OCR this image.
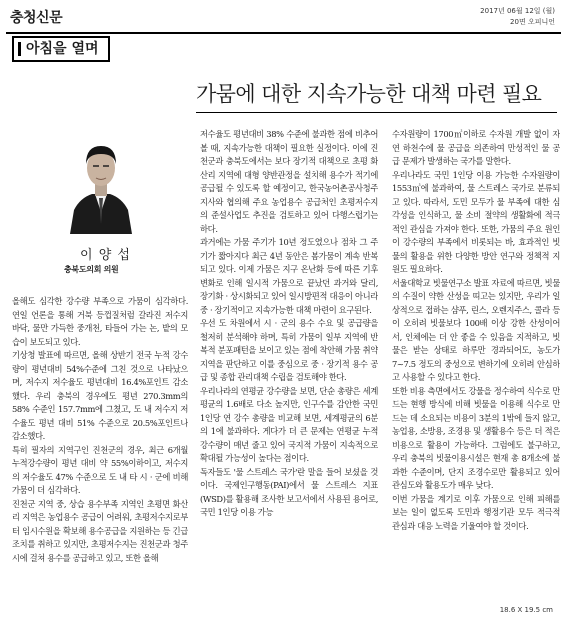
충청신문	2017년 06월 12일 (월)
20면 오피니언
아침을 열며
가뭄에 대한 지속가능한 대책 마련 필요
이 양 섭
충북도의회 의원

올해도 심각한 강수량 부족으로 가뭄이 심각하다. 연일 언론을 통해 거북 등껍질처럼 갈라진 저수지 바닥, 물만 가득한 중개천, 타들어 가는 논, 밭의 모습이 보도되고 있다.
기상청 발표에 따르면, 올해 상반기 전국 누적 강수량이 평년대비 54%수준에 그친 것으로 나타났으며, 저수지 저수율도 평년대비 16.4%포인트 감소했다. 우리 충북의 경우에도 평년 270.3mm의 58% 수준인 157.7mm에 그쳤고, 도 내 저수지 저수율도 평년 대비 51% 수준으로 20.5%포인트나 감소했다.
특히 필자의 지역구인 진천군의 경우, 최근 6개월 누적강수량이 평년 대비 약 55%이하이고, 저수지의 저수율도 47% 수준으로 도 내 타 시 · 군에 비해 가뭄이 더 심각하다.
진천군 지역 중, 상습 용수부족 지역인 초평면 화산리 지역은 농업용수 공급이 어려워, 초평저수지로부터 임시수원을 확보해 용수공급을 지원하는 등 긴급 조치를 취하고 있지만, 초평저수지는 진천군과 청주시에 걸쳐 용수를 공급하고 있고, 또한 올해

저수율도 평년대비 38% 수준에 불과한 점에 비추어 볼 때, 지속가능한 대책이 필요한 실정이다. 이에 진천군과 충북도에서는 보다 장기적 대책으로 초평 화산리 지역에 대형 양반관정을 설치해 용수가 적기에 공급될 수 있도록 할 예정이고, 한국농어촌공사청주지사와 협의해 주요 농업용수 공급처인 초평저수지의 준설사업도 추진을 검토하고 있어 다행스럽기는 하다.
과거에는 가뭄 주기가 10년 정도였으나 점차 그 주기가 짧아지다 최근 4년 동안은 봄가뭄이 계속 반복되고 있다. 이제 가뭄은 지구 온난화 등에 따른 기후 변화로 인해 일시적 가뭄으로 끝났던 과거와 달리, 장기화 · 상시화되고 있어 일시방편적 대응이 아니라 중 · 장기적이고 지속가능한 대책 마련이 요구된다.
우선 도 차원에서 시 · 군의 용수 수요 및 공급량을 철저히 분석해야 하며, 특히 가뭄이 일부 지역에 반복적 분포패턴을 보이고 있는 점에 착안해 가뭄 취약지역을 판단하고 이를 중심으로 중 · 장기적 용수 공급 및 종합 관리대책 수립을 검토해야 한다.
우리나라의 연평균 강수량을 보면, 단순 총량은 세계 평균의 1.6배로 다소 높지만, 인구수를 감안한 국민 1인당 연 강수 총량을 비교해 보면, 세계평균의 6분의 1에 불과하다. 게다가 더 큰 문제는 연평균 누적 강수량이 매년 줄고 있어 국지적 가뭄이 지속적으로 확대될 가능성이 높다는 점이다.
독자들도 '물 스트레스 국가'란 말을 들어 보셨을 것이다. 국제인구행동(PAI)에서 물 스트레스 지표(WSD)를 활용해 조사한 보고서에서 사용된 용어로, 국민 1인당 이용 가능

수자원량이 1700㎥이하로 수자원 개발 없이 자연 하천수에 물 공급을 의존하여 만성적인 물 공급 문제가 발생하는 국가를 말한다.
우리나라도 국민 1인당 이용 가능한 수자원량이 1553㎥에 불과하여, 물 스트레스 국가로 분류되고 있다. 따라서, 도민 모두가 물 부족에 대한 심각성을 인식하고, 물 소비 절약의 생활화에 적극적인 관심을 가져야 한다. 또한, 가뭄의 주요 원인이 강수량의 부족에서 비롯되는 바, 효과적인 빗물의 활용을 위한 다양한 방안 연구와 정책적 지원도 필요하다.
서울대학교 빗물연구소 발표 자료에 따르면, 빗물의 수질이 약한 산성을 띠고는 있지만, 우리가 일상적으로 접하는 샴푸, 린스, 오렌지주스, 콜라 등이 오히려 빗물보다 100배 이상 강한 산성이어서, 인체에는 더 안 좋을 수 있음을 지적하고, 빗물은 받는 상태로 하루만 경과되어도, 농도가 7~7.5 정도의 중성으로 변하기에 오히려 안심하고 사용할 수 있다고 한다.
또한 비용 측면에서도 강물을 정수하여 식수로 만드는 현행 방식에 비해 빗물을 이용해 식수로 만드는 데 소요되는 비용이 3분의 1밖에 들지 않고, 농업용, 소방용, 조경용 및 생활용수 등은 더 적은 비용으로 활용이 가능하다. 그럼에도 불구하고, 우리 충북의 빗물이용시설은 현재 총 8개소에 불과한 수준이며, 단지 조경수로만 활용되고 있어 관심도와 활용도가 매우 낮다.
이번 가뭄을 계기로 이후 가뭄으로 인해 피해를 보는 일이 없도록 도민과 행정기관 모두 적극적 관심과 대응 노력을 기울여야 할 것이다.

18.6 X 19.5 cm
